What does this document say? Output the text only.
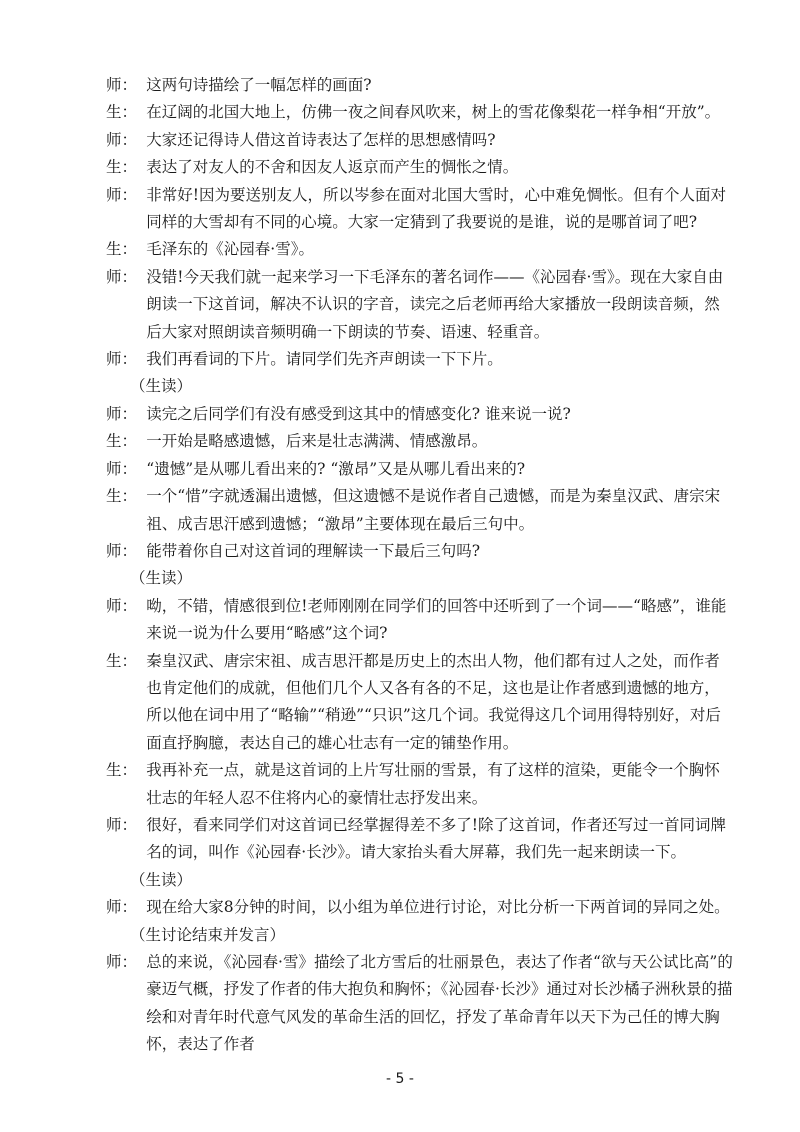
师： 这两句诗描绘了一幅怎样的画面?
生： 在辽阔的北国大地上，仿佛一夜之间春风吹来，树上的雪花像梨花一样争相“开放”。
师： 大家还记得诗人借这首诗表达了怎样的思想感情吗?
生： 表达了对友人的不舍和因友人返京而产生的惆怅之情。
师： 非常好!因为要送别友人，所以岑参在面对北国大雪时，心中难免惆怅。但有个人面对同样的大雪却有不同的心境。大家一定猜到了我要说的是谁，说的是哪首词了吧?
生： 毛泽东的《沁园春·雪》。
师： 没错!今天我们就一起来学习一下毛泽东的著名词作——《沁园春·雪》。现在大家自由朗读一下这首词，解决不认识的字音，读完之后老师再给大家播放一段朗读音频，然后大家对照朗读音频明确一下朗读的节奏、语速、轻重音。
师： 我们再看词的下片。请同学们先齐声朗读一下下片。
（生读）
师： 读完之后同学们有没有感受到这其中的情感变化? 谁来说一说?
生： 一开始是略感遗憾，后来是壮志满满、情感激昂。
师： “遗憾”是从哪儿看出来的? “激昂”又是从哪儿看出来的?
生： 一个“惜”字就透漏出遗憾，但这遗憾不是说作者自己遗憾，而是为秦皇汉武、唐宗宋祖、成吉思汗感到遗憾；“激昂”主要体现在最后三句中。
师： 能带着你自己对这首词的理解读一下最后三句吗?
（生读）
师： 呦，不错，情感很到位!老师刚刚在同学们的回答中还听到了一个词——“略感”，谁能来说一说为什么要用“略感”这个词?
生： 秦皇汉武、唐宗宋祖、成吉思汗都是历史上的杰出人物，他们都有过人之处，而作者也肯定他们的成就，但他们几个人又各有各的不足，这也是让作者感到遗憾的地方，所以他在词中用了“略输”“稍逊”“只识”这几个词。我觉得这几个词用得特别好，对后面直抒胸臆，表达自己的雄心壮志有一定的铺垫作用。
生： 我再补充一点，就是这首词的上片写壮丽的雪景，有了这样的渲染，更能令一个胸怀壮志的年轻人忍不住将内心的豪情壮志抒发出来。
师： 很好，看来同学们对这首词已经掌握得差不多了!除了这首词，作者还写过一首同词牌名的词，叫作《沁园春·长沙》。请大家抬头看大屏幕，我们先一起来朗读一下。
（生读）
师： 现在给大家8分钟的时间，以小组为单位进行讨论，对比分析一下两首词的异同之处。
（生讨论结束并发言）
师： 总的来说，《沁园春·雪》描绘了北方雪后的壮丽景色，表达了作者“欲与天公试比高”的豪迈气概，抒发了作者的伟大抱负和胸怀；《沁园春·长沙》通过对长沙橘子洲秋景的描绘和对青年时代意气风发的革命生活的回忆，抒发了革命青年以天下为己任的博大胸怀，表达了作者
- 5 -
